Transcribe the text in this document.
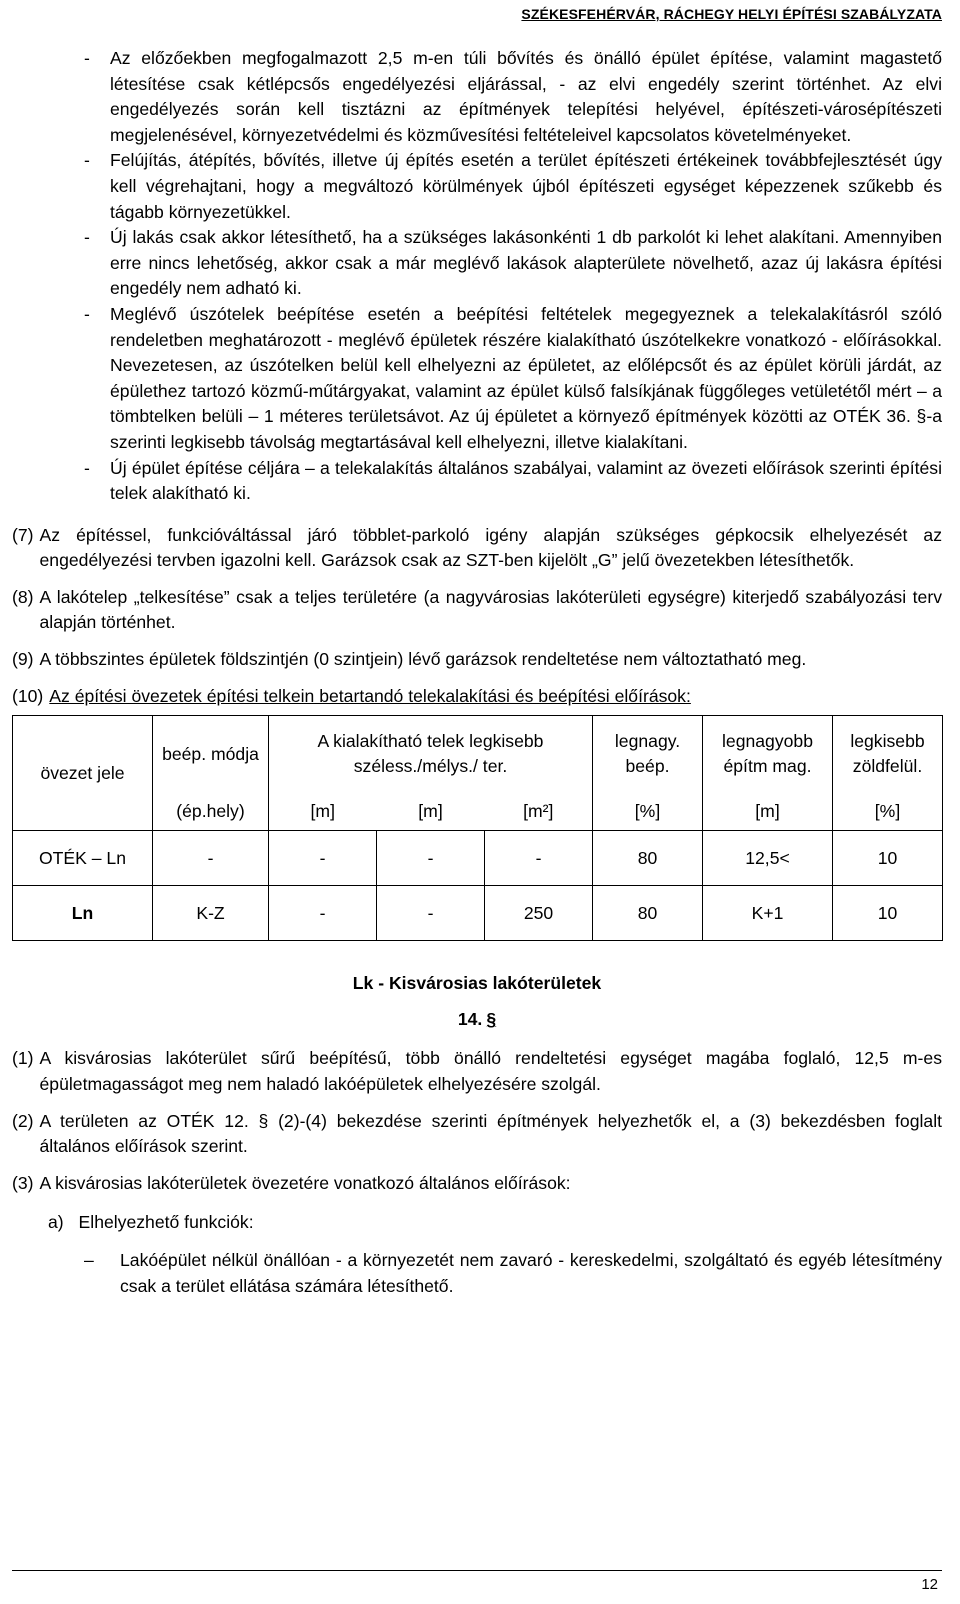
SZÉKESFEHÉRVÁR, RÁCHEGY HELYI ÉPÍTÉSI SZABÁLYZATA
- Az előzőekben megfogalmazott 2,5 m-en túli bővítés és önálló épület építése, valamint magastető létesítése csak kétlépcsős engedélyezési eljárással, - az elvi engedély szerint történhet. Az elvi engedélyezés során kell tisztázni az építmények telepítési helyével, építészeti-városépítészeti megjelenésével, környezetvédelmi és közművesítési feltételeivel kapcsolatos követelményeket.
- Felújítás, átépítés, bővítés, illetve új építés esetén a terület építészeti értékeinek továbbfejlesztését úgy kell végrehajtani, hogy a megváltozó körülmények újból építészeti egységet képezzenek szűkebb és tágabb környezetükkel.
- Új lakás csak akkor létesíthető, ha a szükséges lakásonkénti 1 db parkolót ki lehet alakítani. Amennyiben erre nincs lehetőség, akkor csak a már meglévő lakások alapterülete növelhető, azaz új lakásra építési engedély nem adható ki.
- Meglévő úszótelek beépítése esetén a beépítési feltételek megegyeznek a telekalakításról szóló rendeletben meghatározott - meglévő épületek részére kialakítható úszótelkekre vonatkozó - előírásokkal. Nevezetesen, az úszótelken belül kell elhelyezni az épületet, az előlépcsőt és az épület körüli járdát, az épülethez tartozó közmű-műtárgyakat, valamint az épület külső falsíkjának függőleges vetületétől mért – a tömbtelken belüli – 1 méteres területsávot. Az új épületet a környező építmények közötti az OTÉK 36. §-a szerinti legkisebb távolság megtartásával kell elhelyezni, illetve kialakítani.
- Új épület építése céljára – a telekalakítás általános szabályai, valamint az övezeti előírások szerinti építési telek alakítható ki.
(7) Az építéssel, funkcióváltással járó többlet-parkoló igény alapján szükséges gépkocsik elhelyezését az engedélyezési tervben igazolni kell. Garázsok csak az SZT-ben kijelölt „G” jelű övezetekben létesíthetők.
(8) A lakótelep „telkesítése” csak a teljes területére (a nagyvárosias lakóterületi egységre) kiterjedő szabályozási terv alapján történhet.
(9) A többszintes épületek földszintjén (0 szintjein) lévő garázsok rendeltetése nem változtatható meg.
(10) Az építési övezetek építési telkein betartandó telekalakítási és beépítési előírások:
övezet jele	beép. módja	A kialakítható telek legkisebb széless./mélys./ ter.			legnagy. beép.	legnagyobb építm mag.	legkisebb zöldfelül.
	(ép.hely)	[m]	[m]	[m²]	[%]	[m]	[%]
OTÉK – Ln	-	-	-	-	80	12,5<	10
Ln	K-Z	-	-	250	80	K+1	10
Lk - Kisvárosias lakóterületek
14. §
(1) A kisvárosias lakóterület sűrű beépítésű, több önálló rendeltetési egységet magába foglaló, 12,5 m-es épületmagasságot meg nem haladó lakóépületek elhelyezésére szolgál.
(2) A területen az OTÉK 12. § (2)-(4) bekezdése szerinti építmények helyezhetők el, a (3) bekezdésben foglalt általános előírások szerint.
(3) A kisvárosias lakóterületek övezetére vonatkozó általános előírások:
a) Elhelyezhető funkciók:
– Lakóépület nélkül önállóan - a környezetét nem zavaró - kereskedelmi, szolgáltató és egyéb létesítmény csak a terület ellátása számára létesíthető.
12
